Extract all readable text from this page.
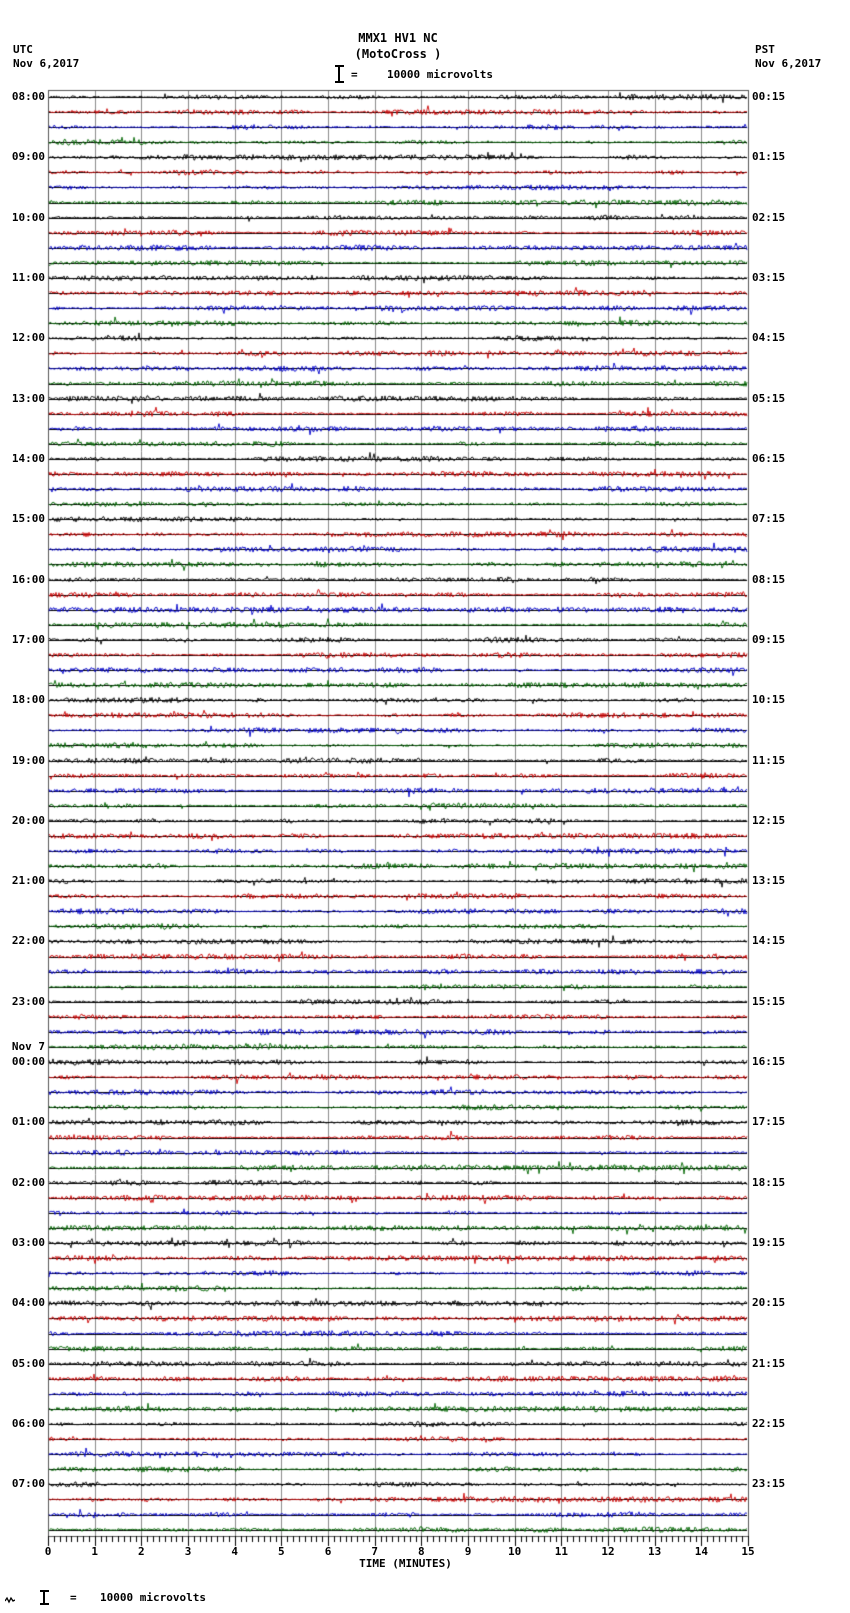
MMX1 HV1 NC
(MotoCross )
UTC
Nov 6,2017
PST
Nov 6,2017
=	10000 microvolts
TIME (MINUTES)
= 10000 microvolts
08:00	00:15
09:00	01:15
10:00	02:15
11:00	03:15
12:00	04:15
13:00	05:15
14:00	06:15
15:00	07:15
16:00	08:15
17:00	09:15
18:00	10:15
19:00	11:15
20:00	12:15
21:00	13:15
22:00	14:15
23:00	15:15
00:00	16:15
Nov 7
01:00	17:15
02:00	18:15
03:00	19:15
04:00	20:15
05:00	21:15
06:00	22:15
07:00	23:15
0	1	2	3	4	5	6	7	8	9	10	11	12	13	14	15
